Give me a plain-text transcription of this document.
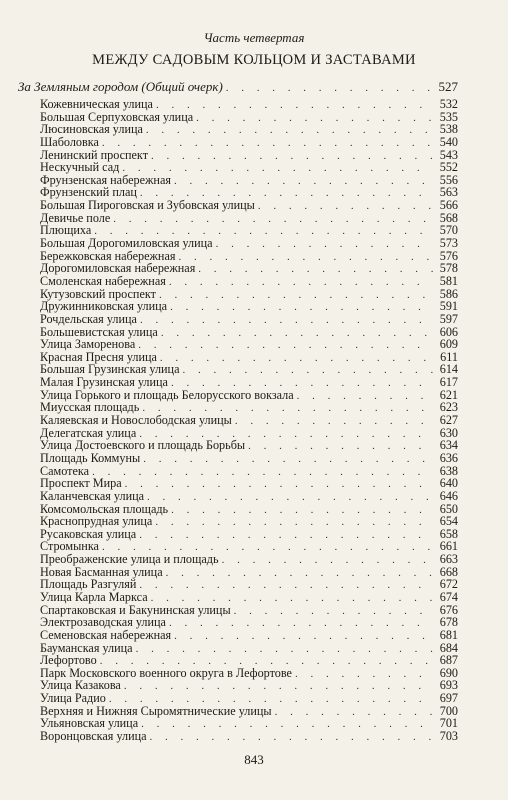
Часть четвертая
МЕЖДУ САДОВЫМ КОЛЬЦОМ И ЗАСТАВАМИ
За Земляным городом (Общий очерк) . . .	527
Кожевническая улица . . .	532
Большая Серпуховская улица . . .	535
Люсиновская улица . . .	538
Шаболовка . . .	540
Ленинский проспект . . .	543
Нескучный сад . . .	552
Фрунзенская набережная . . .	556
Фрунзенский плац . . .	563
Большая Пироговская и Зубовская улицы . . .	566
Девичье поле . . .	568
Плющиха . . .	570
Большая Дорогомиловская улица . . .	573
Бережковская набережная . . .	576
Дорогомиловская набережная . . .	578
Смоленская набережная . . .	581
Кутузовский проспект . . .	586
Дружинниковская улица . . .	591
Рочдельская улица . . .	597
Большевистская улица . . .	606
Улица Заморенова . . .	609
Красная Пресня улица . . .	611
Большая Грузинская улица . . .	614
Малая Грузинская улица . . .	617
Улица Горького и площадь Белорусского вокзала . . .	621
Миусская площадь . . .	623
Каляевская и Новослободская улицы . . .	627
Делегатская улица . . .	630
Улица Достоевского и площадь Борьбы . . .	634
Площадь Коммуны . . .	636
Самотека . . .	638
Проспект Мира . . .	640
Каланчевская улица . . .	646
Комсомольская площадь . . .	650
Краснопрудная улица . . .	654
Русаковская улица . . .	658
Стромынка . . .	661
Преображенские улица и площадь . . .	663
Новая Басманная улица . . .	668
Площадь Разгуляй . . .	672
Улица Карла Маркса . . .	674
Спартаковская и Бакунинская улицы . . .	676
Электрозаводская улица . . .	678
Семеновская набережная . . .	681
Бауманская улица . . .	684
Лефортово . . .	687
Парк Московского военного округа в Лефортове . . .	690
Улица Казакова . . .	693
Улица Радио . . .	697
Верхняя и Нижняя Сыромятнические улицы . . .	700
Ульяновская улица . . .	701
Воронцовская улица . . .	703
843
